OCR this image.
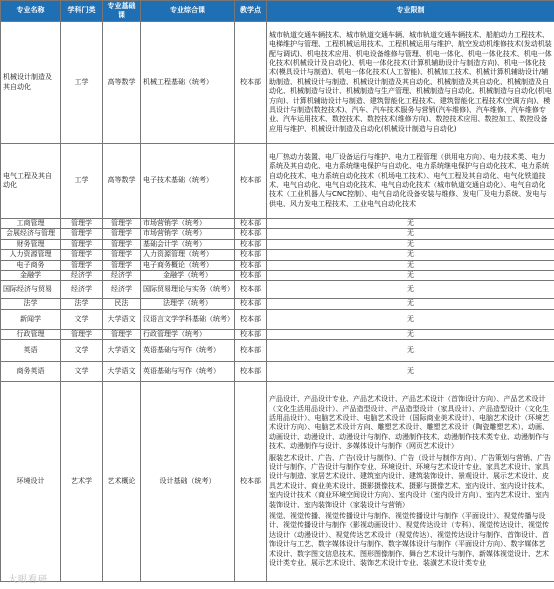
专业名称	学科门类	专业基础课	专业综合课	教学点	专业限制
机械设计制造及其自动化	工学	高等数学	机械工程基础（统考）	校本部	城市轨道交通车辆技术、城市轨道交通车辆、城市轨道交通车辆技术、船舶动力工程技术、电梯维护与管理、工程机械运用技术、工程机械运用与维护、航空发动机维修技术(发动机装配与调试)、机电技术应用、机电设备维修与管理、机电一体化、机电一体化技术、机电一体化技术(机械设计及自动化)、机电一体化技术(计算机辅助设计与制造方向)、机电一体化技术(模具设计与制造)、机电一体化技术(人工智能)、机械加工技术、机械计算机辅助设计/辅助制造、机械设计与制造、机械设计制造及其自动化、机械制造及其自动化、机械制造及自动化、机械制造与设计、机械制造与生产管理、机械制造与自动化、机械制造与自动化(机电方向)、计算机辅助设计与制造、建筑智能化工程技术、建筑智能化工程技术(空调方向)、模具设计与制造(数控技术)、汽车、汽车技术服务与营销(汽车维修)、汽车维修、汽车维修专业、汽车运用技术、数控技术、数控技术(维修方向)、数控技术应用、数控加工、数控设备应用与维护、机械设计制造及自动化(机械设计制造与自动化)
电气工程及其自动化	工学	高等数学	电子技术基础（统考）	校本部	电厂热动力装置、电厂设备运行与维护、电力工程管理（供用电方向）、电力技术类、电力系统及其自动化、电力系统继电保护与自动化、电力系统继电保护与自动化技术、电力系统自动化技术、电力系统自动化技术（机场电工技术）、电气工程及其自动化、电气化铁道技术、电气自动化、电气自动化技术、电气自动化技术（城市轨道交通自动化）、电气自动化技术（工业机器人与CNC控制）、电气自动化设备安装与维修、发电厂及电力系统、发电与供电、风力发电工程技术、工业电气自动化技术
工商管理	管理学	管理学	市场营销学（统考）	校本部	无
会展经济与管理	管理学	管理学	市场营销学（统考）	校本部	无
财务管理	管理学	管理学	基础会计学（统考）	校本部	无
人力资源管理	管理学	管理学	人力资源管理（统考）	校本部	无
电子商务	管理学	管理学	电子商务概论（统考）	校本部	无
金融学	经济学	经济学	金融学（统考）	校本部	无
国际经济与贸易	经济学	经济学	国际贸易理论与实务（统考）	校本部	无
法学	法学	民法	法理学（统考）	校本部	无
新闻学	文学	大学语文	汉语言文学学科基础（统考）	校本部	无
行政管理	管理学	管理学	行政管理学（统考）	校本部	无
英语	文学	大学语文	英语基础与写作（统考）	校本部	无
商务英语	文学	大学语文	英语基础与写作（统考）	校本部	无
环境设计	艺术学	艺术概论	设计基础（统考）	校本部	产品设计、产品设计专业、产品艺术设计、产品艺术设计（首饰设计方向）、产品艺术设计（文化生活用品设计）、产品造型设计、产品造型设计（家具设计）、产品造型设计（文化生活用品设计）、电脑艺术设计、电脑艺术设计（国际商业美术设计）、电脑艺术设计（环境艺术设计方向）、电脑艺术设计方向、雕塑艺术设计、雕塑艺术设计（陶瓷雕塑艺术）、动画、动画设计、动漫设计、动漫设计与制作、动漫制作技术、动漫制作技术类专业、动漫制作与技术、动漫制作与设计、多媒体设计与制作（网页艺术设计）
服装艺术设计、广告、广告(设计与制作)、广告（设计与制作方向）、广告策划与营销、广告设计与制作、广告设计与制作专业、环境设计、环境与艺术设计专业、家具艺术设计、家具设计与制造、家居艺术设计、建筑室内设计、建筑装饰设计、景观设计、展示艺术设计、皮具艺术设计、商业美术设计、摄影摄像技术、摄影与摄像艺术、室内设计、室内设计技术、室内设计技术（商业环境空间设计方向）、室内设计（室内设计方向）、室内艺术设计、室内装饰设计、室内装饰设计（家装设计与营销）
视觉、视觉传播、视觉传播设计与制作、视觉传播设计与制作（平面设计）、视觉传播与设计、视觉传播设计与制作（影视动画设计）、视觉传达设计（专科）、视觉传达设计、视觉传达设计（动漫设计）、视觉传达艺术设计（视觉传达）、视觉传达设计与制作、首饰设计、首饰设计与工艺、数字媒体设计与制作、数字媒体设计与制作（平面设计方向）、数字媒体艺术设计、数字图文信息技术、图形图像制作、舞台艺术设计与制作、新媒体视觉设计、艺术设计类专业、展示艺术设计、装饰艺术设计专业、装潢艺术设计类专业
大眼看研
